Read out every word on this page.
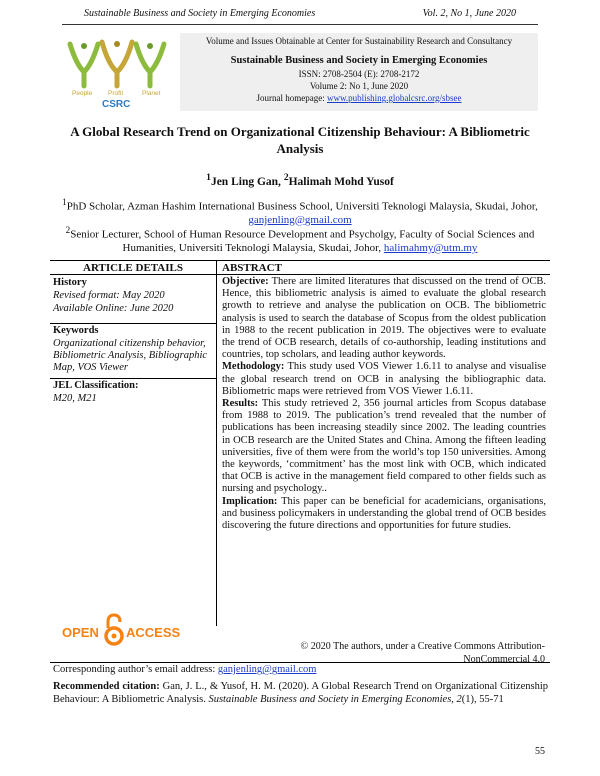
Sustainable Business and Society in Emerging Economies	Vol. 2, No 1, June 2020
People Profit	Planet
CSRC
Volume and Issues Obtainable at Center for Sustainability Research and Consultancy
Sustainable Business and Society in Emerging Economies
ISSN: 2708-2504 (E): 2708-2172
Volume 2: No 1, June 2020
Journal homepage: www.publishing.globalcsrc.org/sbsee
A Global Research Trend on Organizational Citizenship Behaviour: A Bibliometric Analysis
$^1$Jen Ling Gan, $^2$Halimah Mohd Yusof
$^1$PhD Scholar, Azman Hashim International Business School, Universiti Teknologi Malaysia, Skudai, Johor, ganjenling@gmail.com
$^2$Senior Lecturer, School of Human Resource Development and Psycholgy, Faculty of Social Sciences and Humanities, Universiti Teknologi Malaysia, Skudai, Johor, halimahmy@utm.my
ARTICLE DETAILS	ABSTRACT
History
Revised format: May 2020
Available Online: June 2020
Keywords
Organizational citizenship behavior, Bibliometric Analysis, Bibliographic Map, VOS Viewer
JEL Classification:
M20, M21

Objective: There are limited literatures that discussed on the trend of OCB. Hence, this bibliometric analysis is aimed to evaluate the global research growth to retrieve and analyse the publication on OCB. The bibliometric analysis is used to search the database of Scopus from the oldest publication in 1988 to the recent publication in 2019. The objectives were to evaluate the trend of OCB research, details of co-authorship, leading institutions and countries, top scholars, and leading author keywords.

Methodology: This study used VOS Viewer 1.6.11 to analyse and visualise the global research trend on OCB in analysing the bibliographic data. Bibliometric maps were retrieved from VOS Viewer 1.6.11.

Results: This study retrieved 2, 356 journal articles from Scopus database from 1988 to 2019. The publication’s trend revealed that the number of publications has been increasing steadily since 2002. The leading countries in OCB research are the United States and China. Among the fifteen leading universities, five of them were from the world’s top 150 universities. Among the keywords, ‘commitment’ has the most link with OCB, which indicated that OCB is active in the management field compared to other fields such as nursing and psychology..

Implication: This paper can be beneficial for academicians, organisations, and business policymakers in understanding the global trend of OCB besides discovering the future directions and opportunities for future studies.

OPEN ACCESS
© 2020 The authors, under a Creative Commons Attribution-
NonCommercial 4.0
Corresponding author’s email address: ganjenling@gmail.com
Recommended citation: Gan, J. L., & Yusof, H. M. (2020). A Global Research Trend on Organizational Citizenship Behaviour: A Bibliometric Analysis. Sustainable Business and Society in Emerging Economies, 2(1), 55-71
55
